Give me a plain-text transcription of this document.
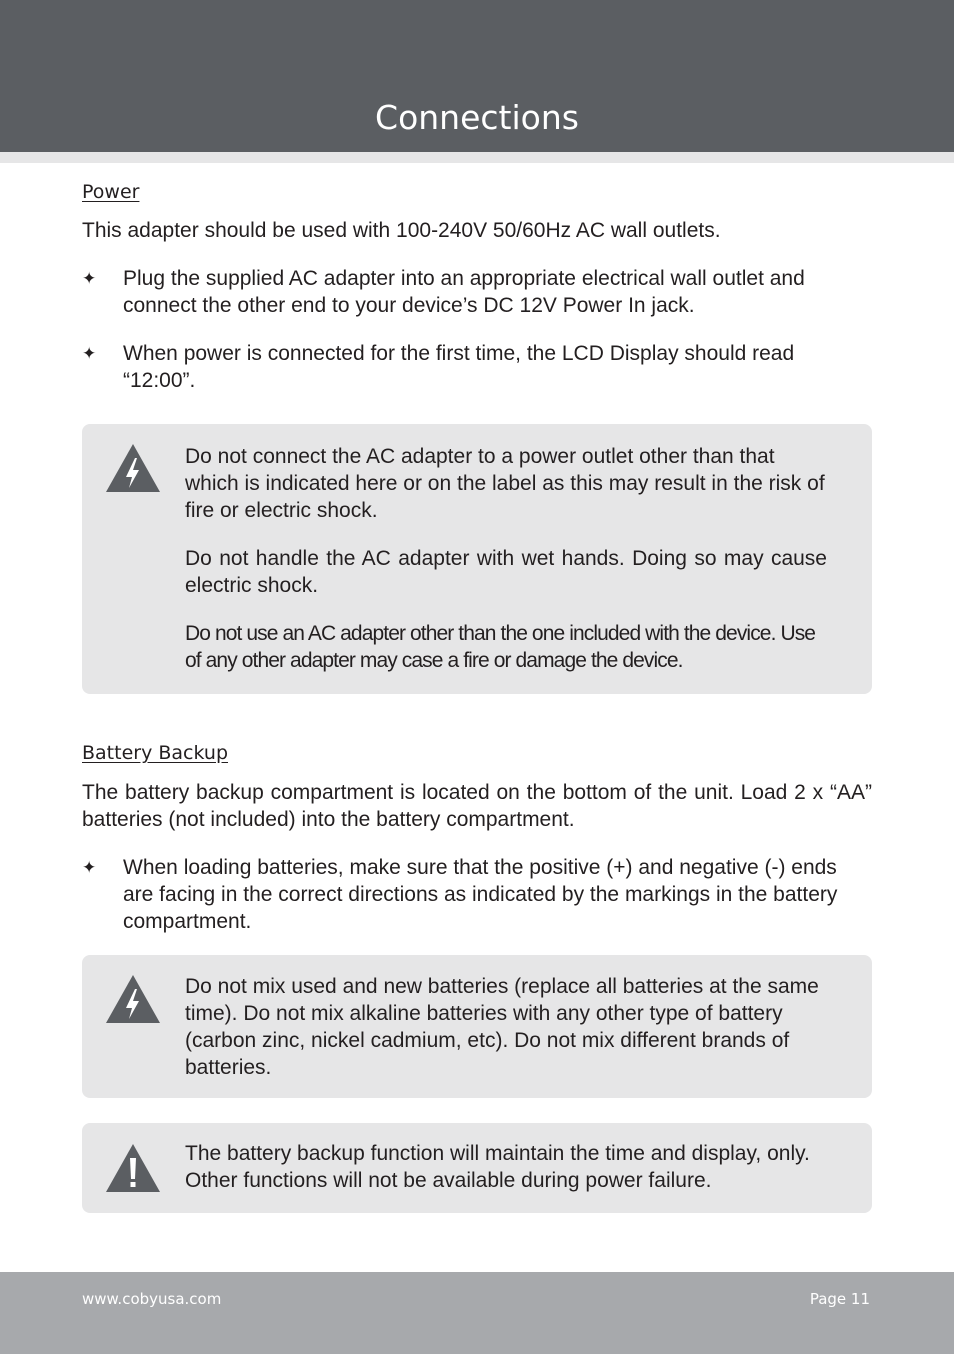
Connections
Power

This adapter should be used with 100-240V 50/60Hz AC wall outlets.

✦	Plug the supplied AC adapter into an appropriate electrical wall outlet and connect the other end to your device’s DC 12V Power In jack.
✦	When power is connected for the first time, the LCD Display should read “12:00”.
Do not connect the AC adapter to a power outlet other than that which is indicated here or on the label as this may result in the risk of fire or electric shock.
Do not handle the AC adapter with wet hands. Doing so may cause electric shock.
Do not use an AC adapter other than the one included with the device. Use of any other adapter may case a fire or damage the device.
Battery Backup

The battery backup compartment is located on the bottom of the unit. Load 2 x “AA” batteries (not included) into the battery compartment.

✦	When loading batteries, make sure that the positive (+) and negative (-) ends are facing in the correct directions as indicated by the markings in the battery compartment.
Do not mix used and new batteries (replace all batteries at the same time). Do not mix alkaline batteries with any other type of battery (carbon zinc, nickel cadmium, etc). Do not mix different brands of batteries.
The battery backup function will maintain the time and display, only. Other functions will not be available during power failure.
www.cobyusa.com	Page 11
